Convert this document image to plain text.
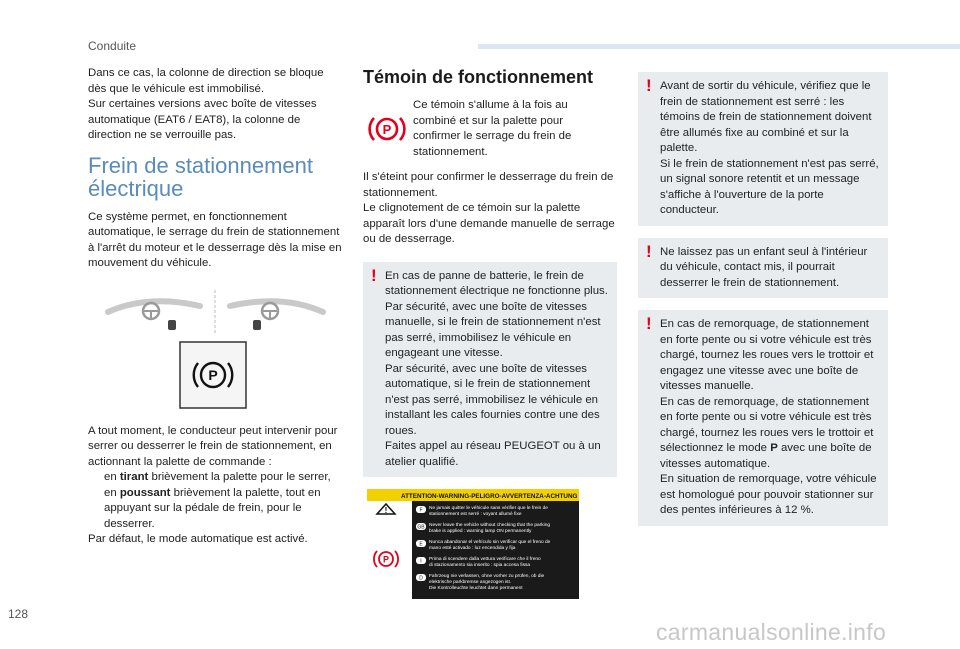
Conduite

Dans ce cas, la colonne de direction se bloque dès que le véhicule est immobilisé.

Sur certaines versions avec boîte de vitesses automatique (EAT6 / EAT8), la colonne de direction ne se verrouille pas.

Frein de stationnement électrique

Ce système permet, en fonctionnement automatique, le serrage du frein de stationnement à l'arrêt du moteur et le desserrage dès la mise en mouvement du véhicule.

P

A tout moment, le conducteur peut intervenir pour serrer ou desserrer le frein de stationnement, en actionnant la palette de commande :

en tirant brièvement la palette pour le serrer,
en poussant brièvement la palette, tout en appuyant sur la pédale de frein, pour le desserrer.

Par défaut, le mode automatique est activé.

Témoin de fonctionnement
P

Ce témoin s'allume à la fois au combiné et sur la palette pour confirmer le serrage du frein de stationnement.

Il s'éteint pour confirmer le desserrage du frein de stationnement.

Le clignotement de ce témoin sur la palette apparaît lors d'une demande manuelle de serrage ou de desserrage.

! En cas de panne de batterie, le frein de stationnement électrique ne fonctionne plus.

Par sécurité, avec une boîte de vitesses manuelle, si le frein de stationnement n'est pas serré, immobilisez le véhicule en engageant une vitesse.

Par sécurité, avec une boîte de vitesses automatique, si le frein de stationnement n'est pas serré, immobilisez le véhicule en installant les cales fournies contre une des roues.

Faites appel au réseau PEUGEOT ou à un atelier qualifié.

ATTENTION-WARNING-PELIGRO-AVVERTENZA-ACHTUNG
!
P
F Ne jamais quitter le véhicule sans vérifier que le frein de
stationnement est serré : voyant allumé fixe
GB Never leave the vehicle without checking that the parking
brake is applied : warning lamp ON permanently
E Nunca abandonar el vehículo sin verificar que el freno de
mano esté activado : luz encendida y fija
I Prima di scendere dalla vettura verificare che il freno
di stazionamento sia inserito : spia accesa fissa
D Fahrzeug nie verlassen, ohne vorher zu prüfen, ob die
elektrische parkbremse angezogen ist.
Die Kontrolleuchte leuchtet dann permanent
! Avant de sortir du véhicule, vérifiez que le frein de stationnement est serré : les témoins de frein de stationnement doivent être allumés fixe au combiné et sur la palette.

Si le frein de stationnement n'est pas serré, un signal sonore retentit et un message s'affiche à l'ouverture de la porte conducteur.

! Ne laissez pas un enfant seul à l'intérieur du véhicule, contact mis, il pourrait desserrer le frein de stationnement.

! En cas de remorquage, de stationnement en forte pente ou si votre véhicule est très chargé, tournez les roues vers le trottoir et engagez une vitesse avec une boîte de vitesses manuelle.

En cas de remorquage, de stationnement en forte pente ou si votre véhicule est très chargé, tournez les roues vers le trottoir et sélectionnez le mode P avec une boîte de vitesses automatique.

En situation de remorquage, votre véhicule est homologué pour pouvoir stationner sur des pentes inférieures à 12 %.

128
carmanualsonline.info
